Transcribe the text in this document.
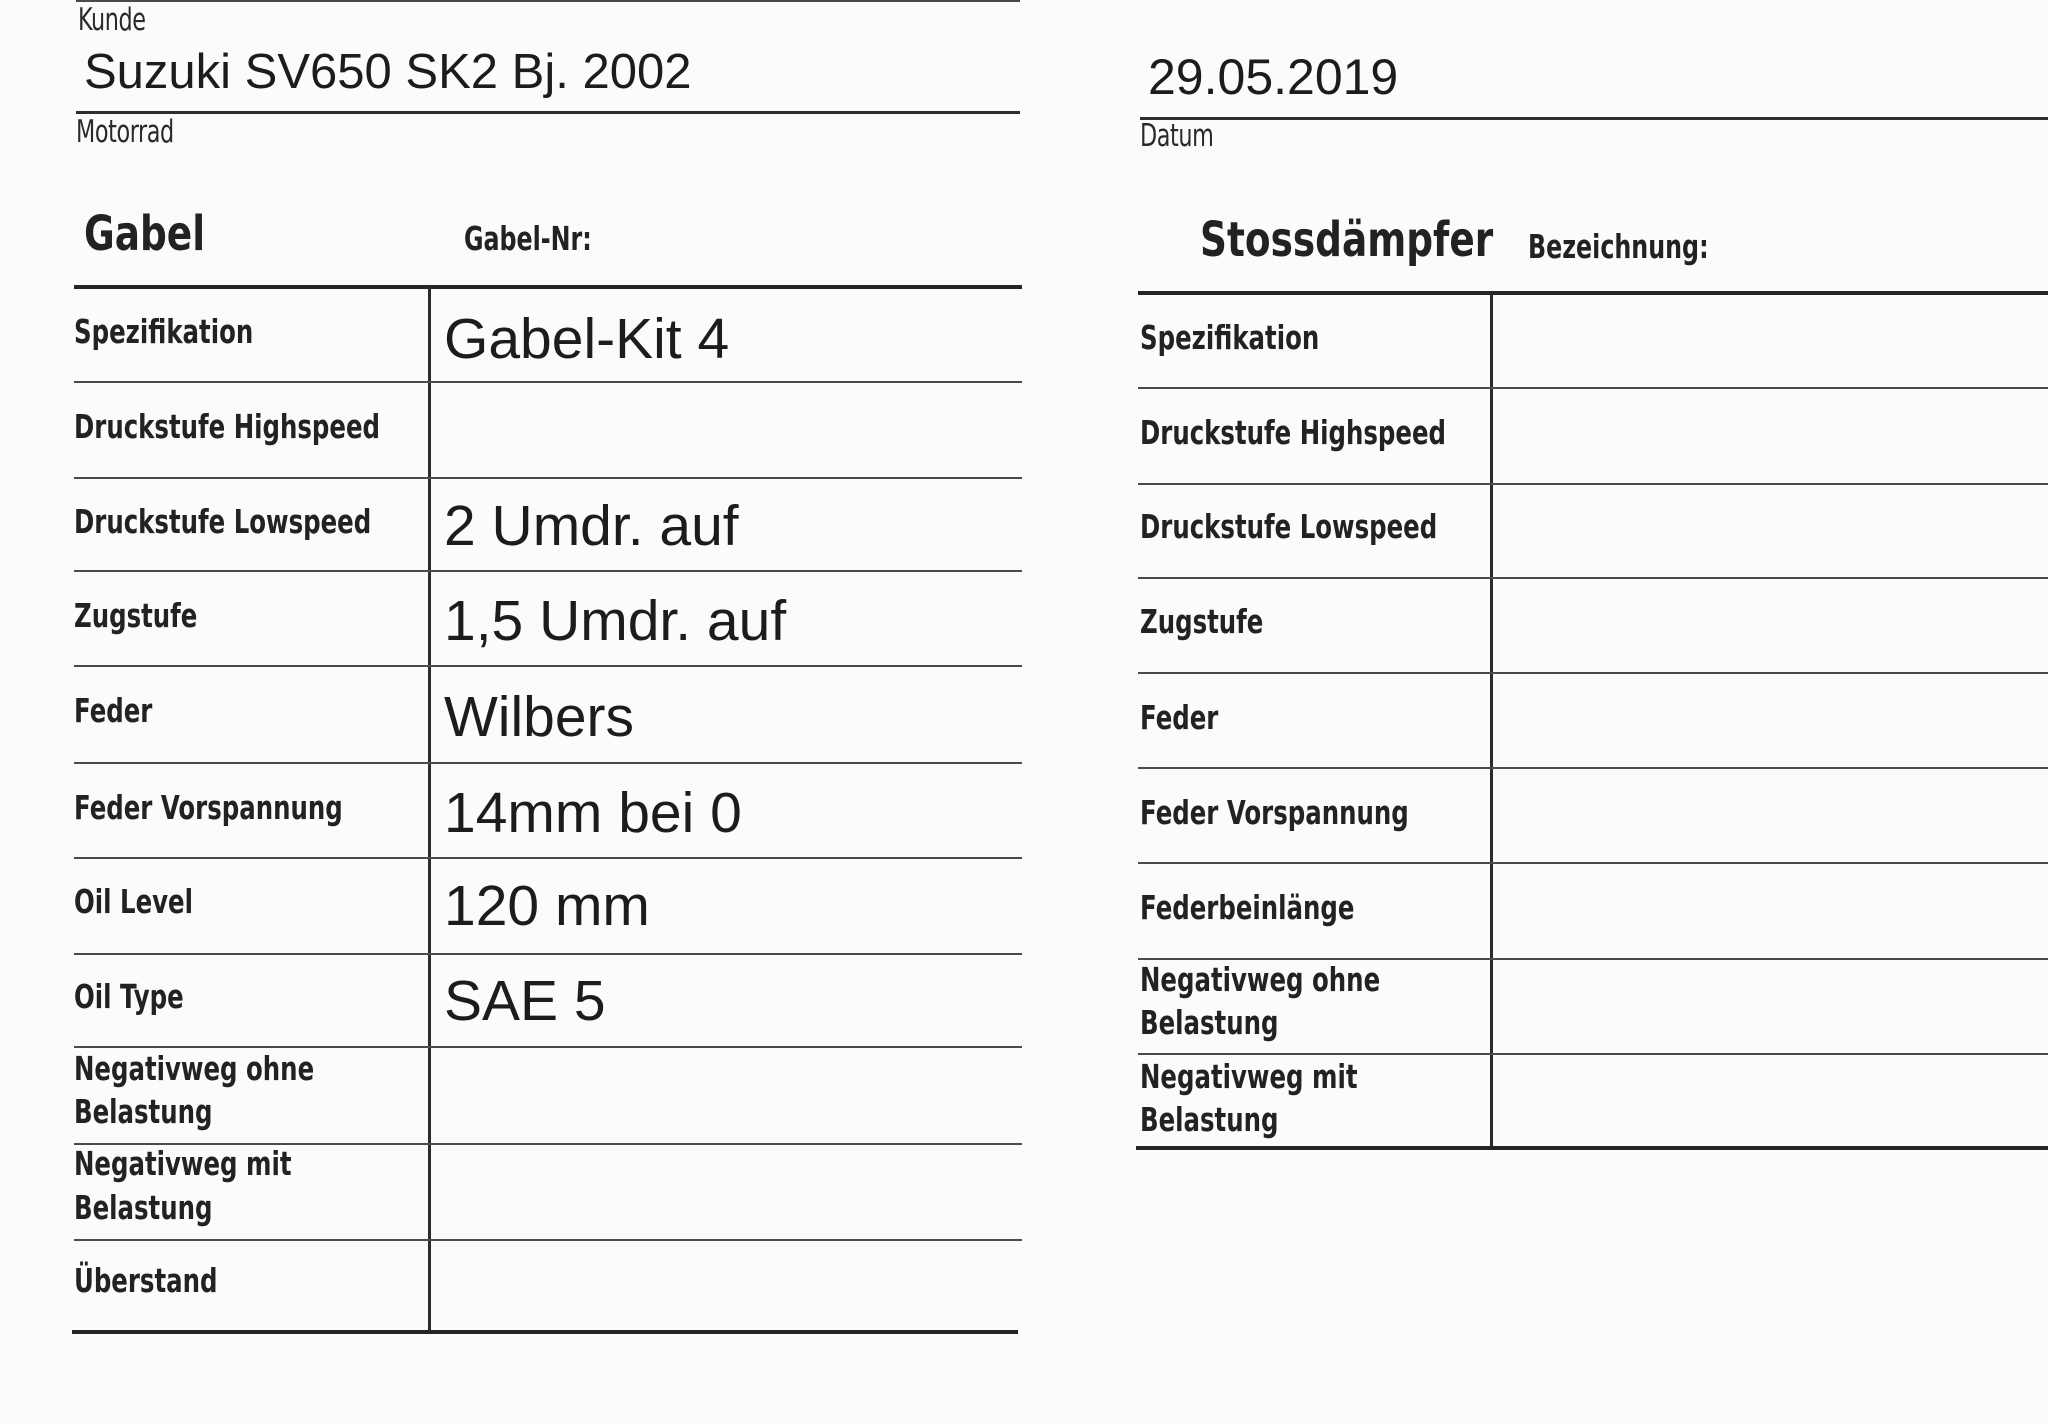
Kunde
Suzuki SV650 SK2 Bj. 2002
Motorrad
29.05.2019
Datum
Gabel	Gabel-Nr:
Spezifikation	Gabel-Kit 4
Druckstufe Highspeed
Druckstufe Lowspeed 2 Umdr. auf
Zugstufe	1,5 Umdr. auf
Feder	Wilbers
Feder Vorspannung 14mm bei 0
Oil Level	120 mm
Oil Type	SAE 5
Negativweg ohne
Belastung
Negativweg mit
Belastung
Überstand
Stossdämpfer Bezeichnung:
Spezifikation
Druckstufe Highspeed
Druckstufe Lowspeed
Zugstufe
Feder
Feder Vorspannung
Federbeinlänge
Negativweg ohne
Belastung
Negativweg mit
Belastung
